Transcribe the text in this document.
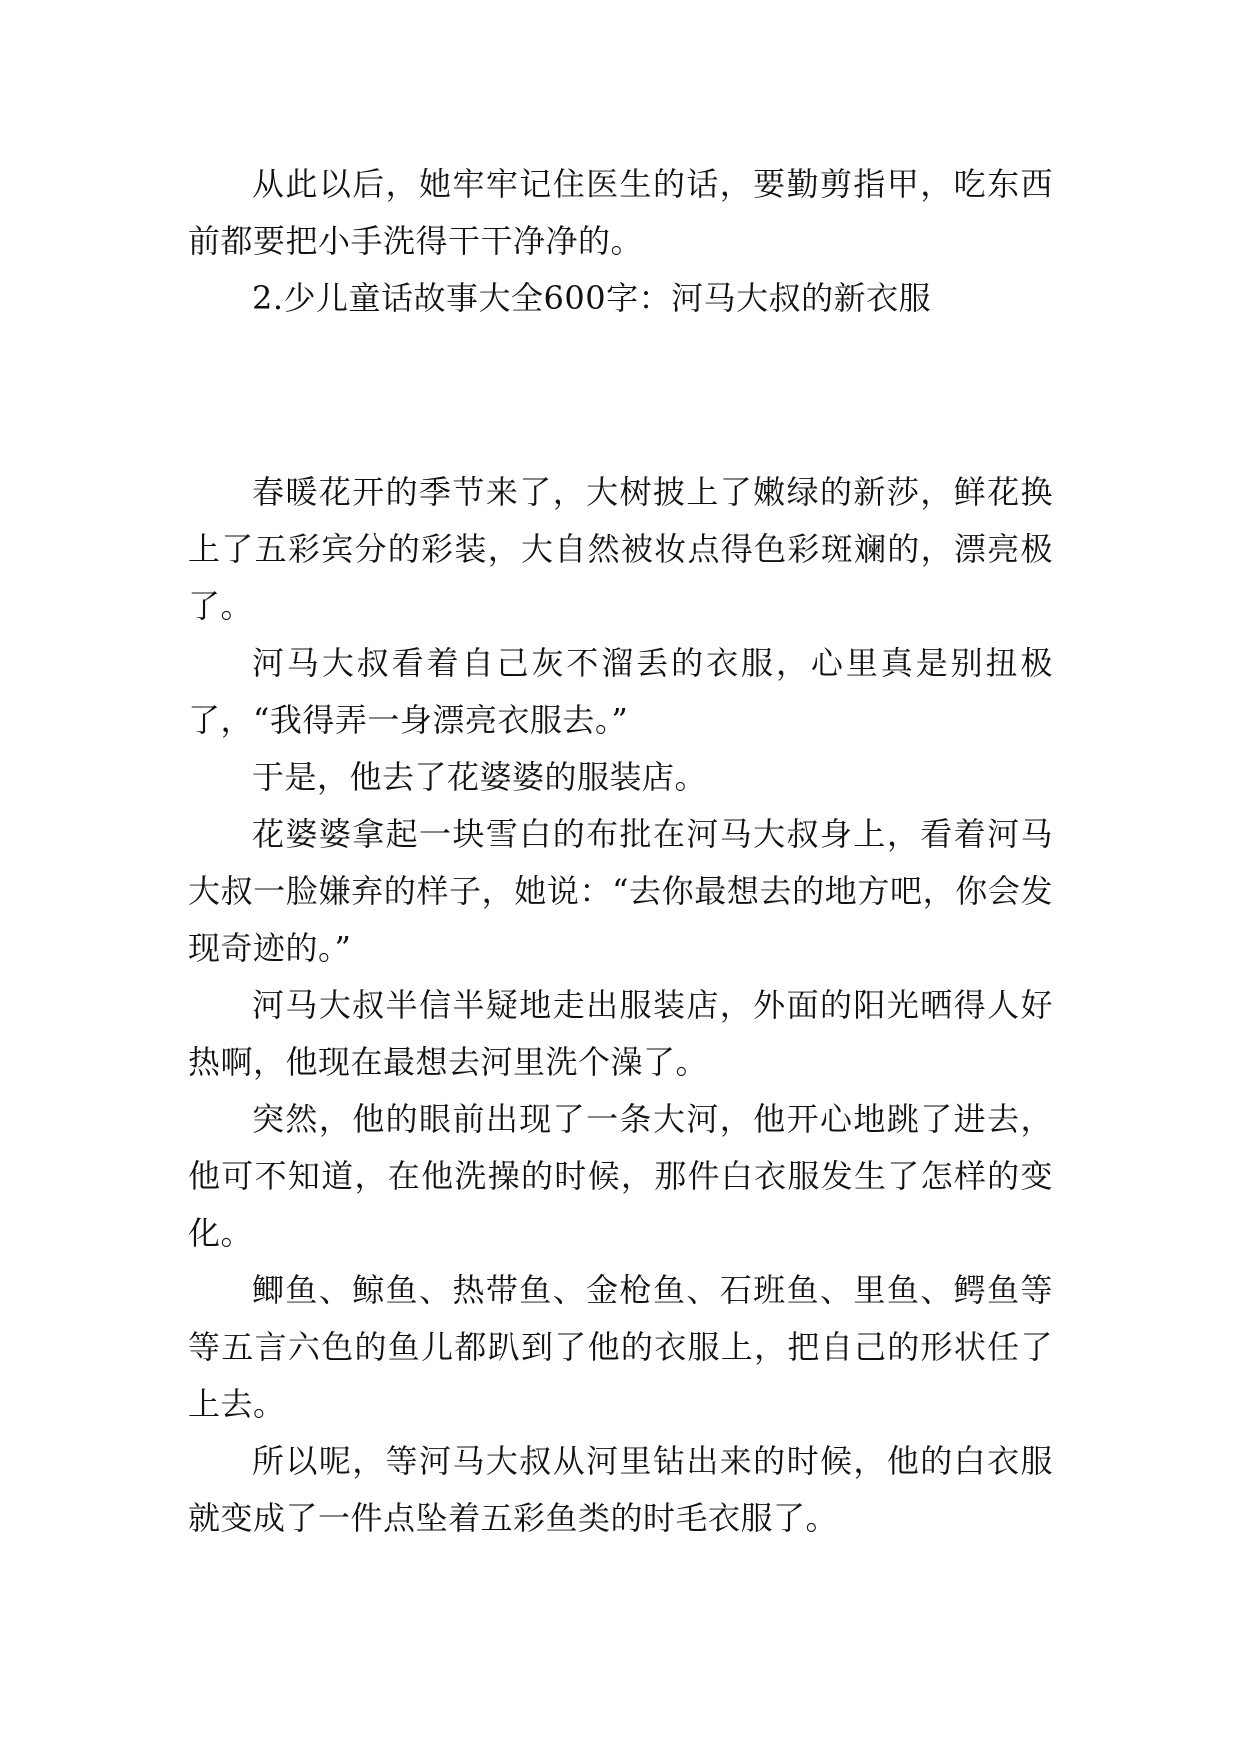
从此以后，她牢牢记住医生的话，要勤剪指甲，吃东西前都要把小手洗得干干净净的。

2.少儿童话故事大全600字：河马大叔的新衣服

春暖花开的季节来了，大树披上了嫩绿的新莎，鲜花换上了五彩宾分的彩装，大自然被妆点得色彩斑斓的，漂亮极了。

河马大叔看着自己灰不溜丢的衣服，心里真是别扭极了，“我得弄一身漂亮衣服去。”

于是，他去了花婆婆的服装店。

花婆婆拿起一块雪白的布批在河马大叔身上，看着河马大叔一脸嫌弃的样子，她说：“去你最想去的地方吧，你会发现奇迹的。”

河马大叔半信半疑地走出服装店，外面的阳光晒得人好热啊，他现在最想去河里洗个澡了。

突然，他的眼前出现了一条大河，他开心地跳了进去，他可不知道，在他洗操的时候，那件白衣服发生了怎样的变化。

鲫鱼、鲸鱼、热带鱼、金枪鱼、石班鱼、里鱼、鳄鱼等等五言六色的鱼儿都趴到了他的衣服上，把自己的形状任了上去。

所以呢，等河马大叔从河里钻出来的时候，他的白衣服就变成了一件点坠着五彩鱼类的时毛衣服了。
